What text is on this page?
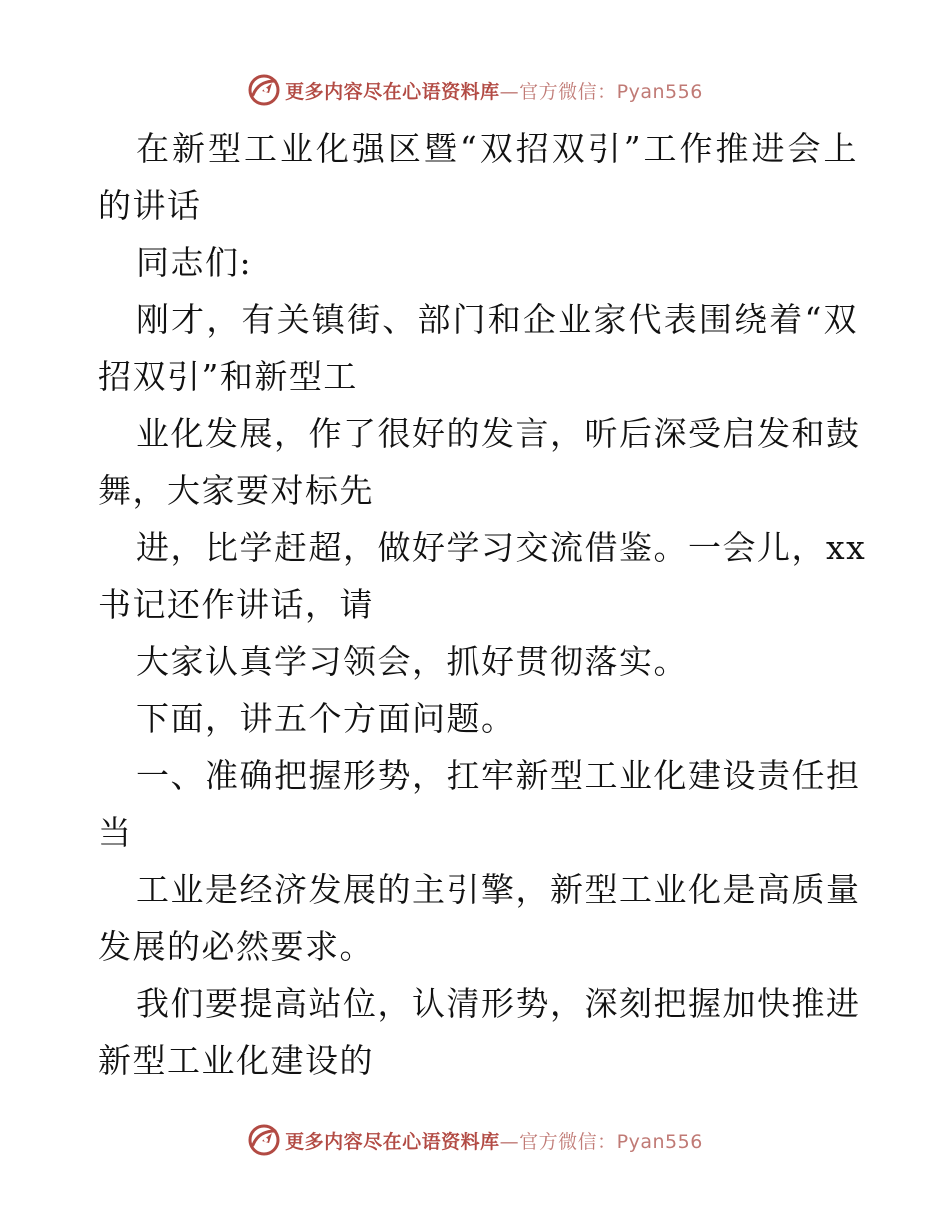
更多内容尽在心语资料库—官方微信：Pyan556
在新型工业化强区暨“双招双引”工作推进会上
的讲话
同志们:
刚才，有关镇街、部门和企业家代表围绕着“双
招双引”和新型工
业化发展，作了很好的发言，听后深受启发和鼓
舞，大家要对标先
进，比学赶超，做好学习交流借鉴。一会儿，xx
书记还作讲话，请
大家认真学习领会，抓好贯彻落实。
下面，讲五个方面问题。
一、准确把握形势，扛牢新型工业化建设责任担
当
工业是经济发展的主引擎，新型工业化是高质量
发展的必然要求。
我们要提高站位，认清形势，深刻把握加快推进
新型工业化建设的
更多内容尽在心语资料库—官方微信：Pyan556
